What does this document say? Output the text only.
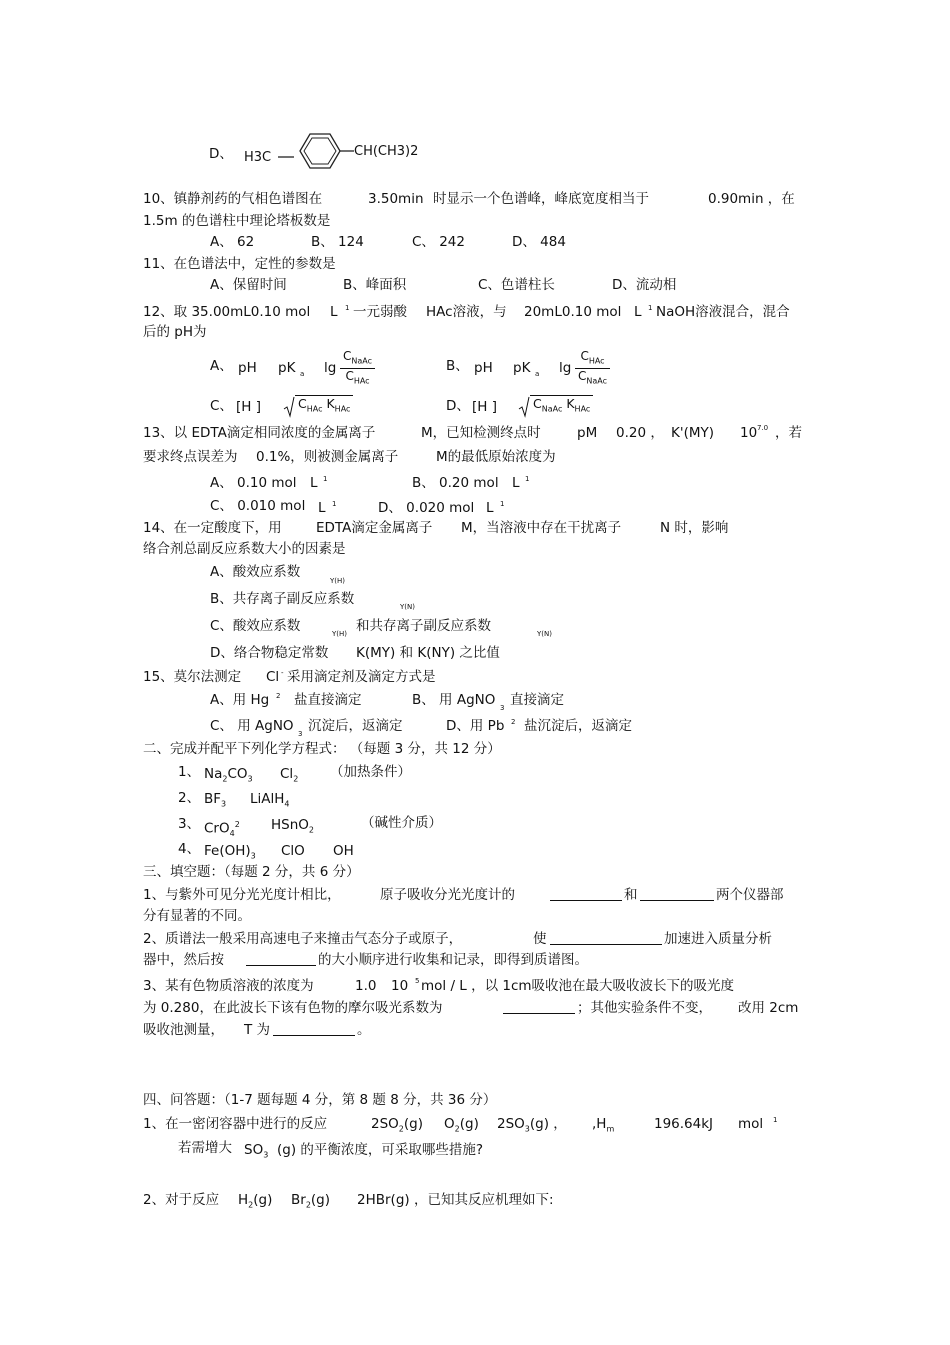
D、 H3C	CH(CH3)2
10、镇静剂药的气相色谱图在	3.50min 时显示一个色谱峰，峰底宽度相当于	0.90min ，在
1.5m 的色谱柱中理论塔板数是
A、 62	B、 124	C、 242	D、 484
11、在色谱法中，定性的参数是
A、保留时间	B、峰面积	C、色谱柱长	D、流动相
12、取 35.00mL0.10 mol L 1 一元弱酸 HAc溶液，与 20mL0.10 mol L 1 NaOH溶液混合，混合
后的 pH为
A、 pH pK a lg
$C_{NaAc}$
$C_{HAc}$
B、 pH pK a lg
$C_{HAc}$
$C_{NaAc}$
C、 [H ]	$C_{HAc}$ $K_{HAc}$	D、 [H ]	$C_{NaAc}$ $K_{HAc}$
13、以 EDTA滴定相同浓度的金属离子	M，已知检测终点时	pM 0.20 ， K'(MY) 10 7.0 ，若
要求终点误差为 0.1%，则被测金属离子	M的最低原始浓度为
A、 0.10 mol L 1	B、 0.20 mol L 1
C、 0.010 mol L 1	D、 0.020 mol L 1
14、在一定酸度下，用	EDTA滴定金属离子 M，当溶液中存在干扰离子	N 时，影响
络合剂总副反应系数大小的因素是
A、酸效应系数
Y(H)
B、共存离子副反应系数	Y(N)
C、酸效应系数	Y(H) 和共存离子副反应系数	Y(N)
D、络合物稳定常数 K(MY) 和 K(NY) 之比值
15、莫尔法测定 Cl - 采用滴定剂及滴定方式是
A、用 Hg 2 盐直接滴定	B、 用 AgNO 3 直接滴定
C、 用 AgNO 3 沉淀后，返滴定	D、用 Pb 2 盐沉淀后，返滴定
二、完成并配平下列化学方程式： （每题 3 分，共 12 分）
1、 $Na_2CO_3$ $Cl_2$ （加热条件）
2、 $BF_3$ LiAlH$_4$
3、 CrO$_4^2$ HSnO$_2$	（碱性介质）
4、 $Fe(OH)_3$ ClO OH
三、填空题：（每题 2 分，共 6 分）
1、与紫外可见分光光度计相比，	原子吸收分光光度计的	和	两个仪器部
分有显著的不同。
2、质谱法一般采用高速电子来撞击气态分子或原子，	使	加速进入质量分析
器中，然后按	的大小顺序进行收集和记录，即得到质谱图。
3、某有色物质溶液的浓度为	1.0 10 5 mol / L ，以 1cm吸收池在最大吸收波长下的吸光度
为 0.280，在此波长下该有色物的摩尔吸光系数为	；其他实验条件不变， 改用 2cm
吸收池测量， T 为	。
四、问答题：（1-7 题每题 4 分，第 8 题 8 分，共 36 分）
1、在一密闭容器中进行的反应	$2SO_2(g)$ $O_2(g)$ $2SO_3(g)$ ， $,H_m$	196.64kJ mol 1
若需增大 $SO_3$ (g) 的平衡浓度，可采取哪些措施?
2、对于反应 $H_2(g)$ $Br_2(g)$ 2HBr(g) ，已知其反应机理如下:
